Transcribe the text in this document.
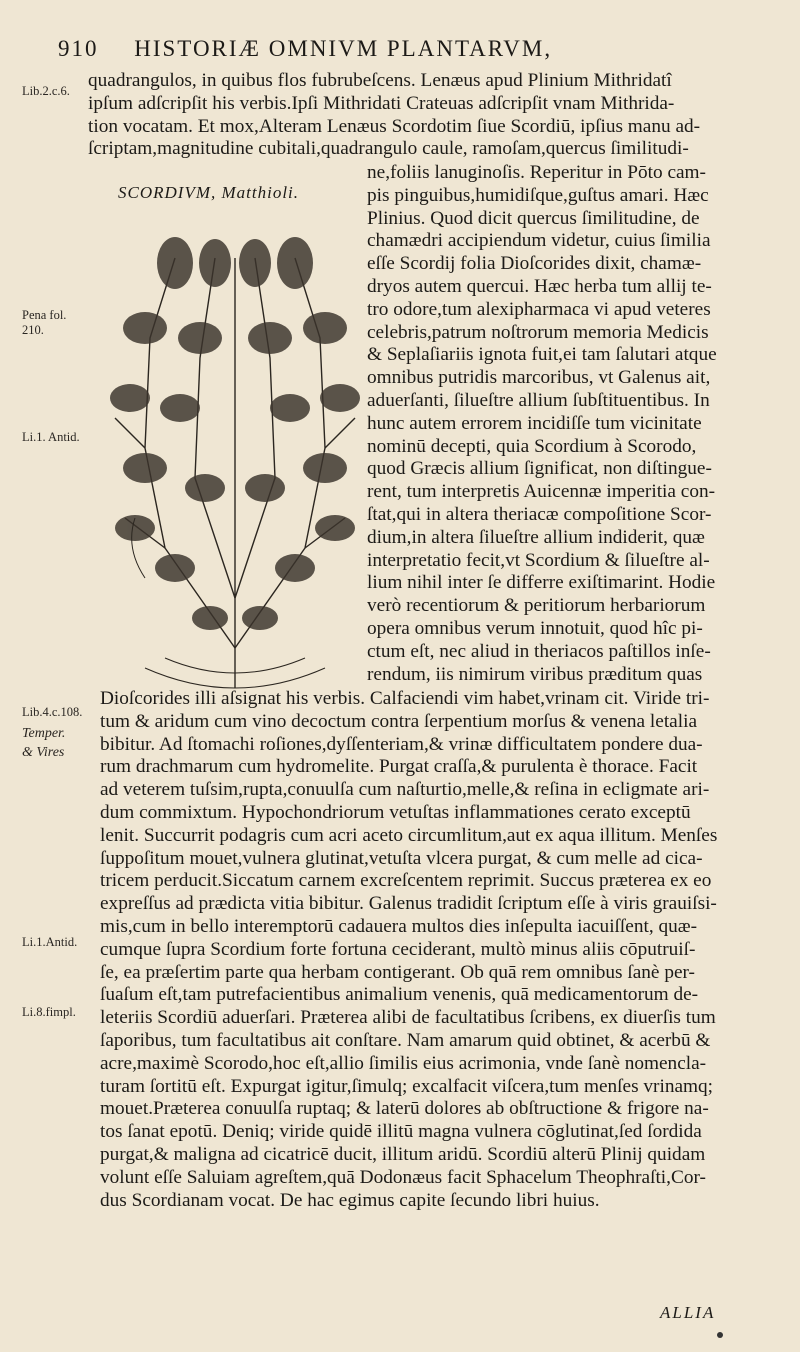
910 HISTORIÆ OMNIVM PLANTARVM,
quadrangulos, in quibus flos fubrubeſcens. Lenæus apud Plinium Mithridatî
ipſum adſcripſit his verbis.Ipſi Mithridati Crateuas adſcripſit vnam Mithrida-
tion vocatam. Et mox,Alteram Lenæus Scordotim ſiue Scordiū, ipſius manu ad-
ſcriptam,magnitudine cubitali,quadrangulo caule, ramoſam,quercus ſimilitudi-
SCORDIVM, Matthioli.
ne,foliis lanuginoſis. Reperitur in Pōto cam-
pis pinguibus,humidiſque,guſtus amari. Hæc
Plinius. Quod dicit quercus ſimilitudine, de
chamædri accipiendum videtur, cuius ſimilia
eſſe Scordij folia Dioſcorides dixit, chamæ-
dryos autem quercui. Hæc herba tum allij te-
tro odore,tum alexipharmaca vi apud veteres
celebris,patrum noſtrorum memoria Medicis
& Seplaſiariis ignota fuit,ei tam ſalutari atque
omnibus putridis marcoribus, vt Galenus ait,
aduerſanti, ſilueſtre allium ſubſtituentibus. In
hunc autem errorem incidiſſe tum vicinitate
nominū decepti, quia Scordium à Scorodo,
quod Græcis allium ſignificat, non diſtingue-
rent, tum interpretis Auicennæ imperitia con-
ſtat,qui in altera theriacæ compoſitione Scor-
dium,in altera ſilueſtre allium indiderit, quæ
interpretatio fecit,vt Scordium & ſilueſtre al-
lium nihil inter ſe differre exiſtimarint. Hodie
verò recentiorum & peritiorum herbariorum
opera omnibus verum innotuit, quod hîc pi-
ctum eſt, nec aliud in theriacos paſtillos inſe-
rendum, iis nimirum viribus præditum quas
Dioſcorides illi aſsignat his verbis. Calfaciendi vim habet,vrinam cit. Viride tri-
tum & aridum cum vino decoctum contra ſerpentium morſus & venena letalia
bibitur. Ad ſtomachi roſiones,dyſſenteriam,& vrinæ difficultatem pondere dua-
rum drachmarum cum hydromelite. Purgat craſſa,& purulenta è thorace. Facit
ad veterem tuſsim,rupta,conuulſa cum naſturtio,melle,& reſina in ecligmate ari-
dum commixtum. Hypochondriorum vetuſtas inflammationes cerato exceptū
lenit. Succurrit podagris cum acri aceto circumlitum,aut ex aqua illitum. Menſes
ſuppoſitum mouet,vulnera glutinat,vetuſta vlcera purgat, & cum melle ad cica-
tricem perducit.Siccatum carnem excreſcentem reprimit. Succus præterea ex eo
expreſſus ad prædicta vitia bibitur. Galenus tradidit ſcriptum eſſe à viris grauiſsi-
mis,cum in bello interemptorū cadauera multos dies inſepulta iacuiſſent, quæ-
cumque ſupra Scordium forte fortuna ceciderant, multò minus aliis cōputruiſ-
ſe, ea præſertim parte qua herbam contigerant. Ob quā rem omnibus ſanè per-
ſuaſum eſt,tam putrefacientibus animalium venenis, quā medicamentorum de-
leteriis Scordiū aduerſari. Præterea alibi de facultatibus ſcribens, ex diuerſis tum
ſaporibus, tum facultatibus ait conſtare. Nam amarum quid obtinet, & acerbū &
acre,maximè Scorodo,hoc eſt,allio ſimilis eius acrimonia, vnde ſanè nomencla-
turam ſortitū eſt. Expurgat igitur,ſimulq; excalfacit viſcera,tum menſes vrinamq;
mouet.Præterea conuulſa ruptaq; & laterū dolores ab obſtructione & frigore na-
tos ſanat epotū. Deniq; viride quidē illitū magna vulnera cōglutinat,ſed ſordida
purgat,& maligna ad cicatricē ducit, illitum aridū. Scordiū alterū Plinij quidam
volunt eſſe Saluiam agreſtem,quā Dodonæus facit Sphacelum Theophraſti,Cor-
dus Scordianam vocat. De hac egimus capite ſecundo libri huius.
Lib.2.c.6.
Pena fol. 210.
Li.1. Antid.
Lib.4.c.108.
Temper.
& Vires
Li.1.Antid.
Li.8.fimpl.
ALLIA
